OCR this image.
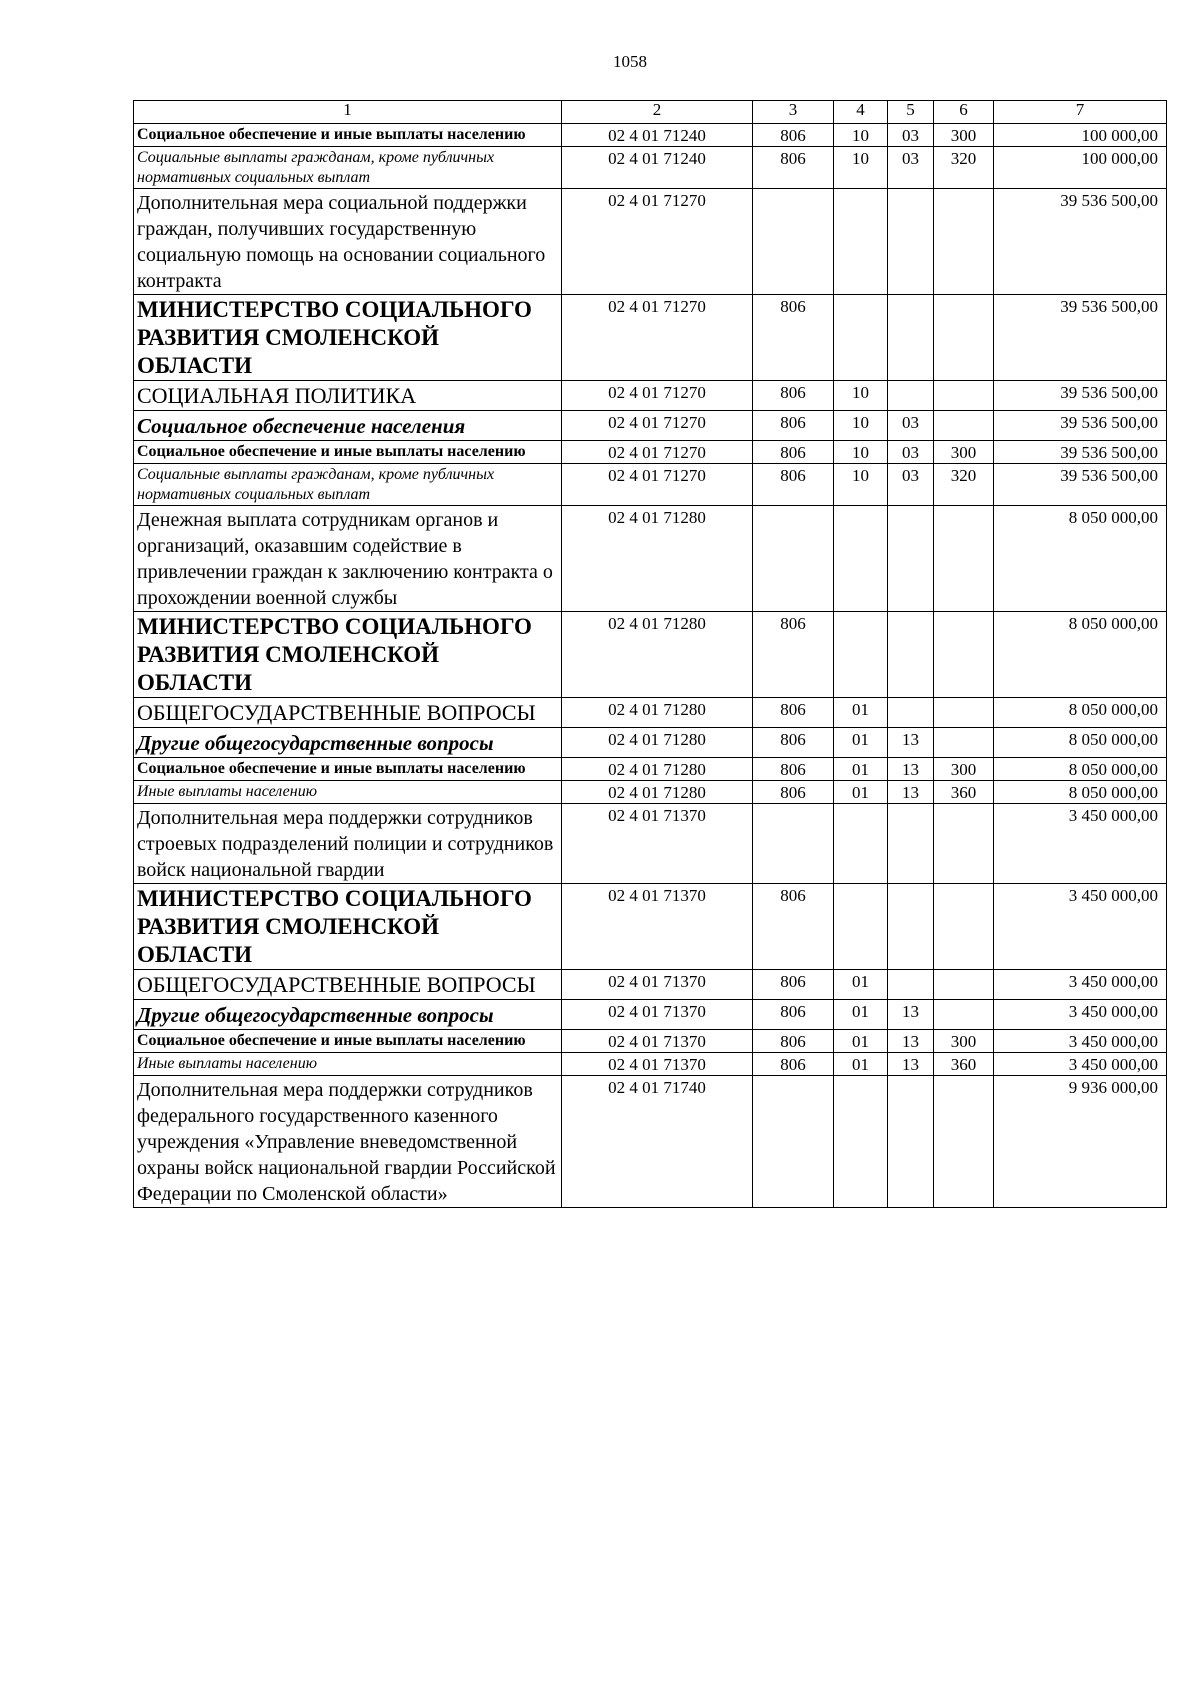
1058
1	2	3	4	5	6	7
Социальное обеспечение и иные выплаты населению	02 4 01 71240	806	10	03	300	100 000,00
Социальные выплаты гражданам, кроме публичных нормативных социальных выплат	02 4 01 71240	806	10	03	320	100 000,00
Дополнительная мера социальной поддержки граждан, получивших государственную социальную помощь на основании социального контракта	02 4 01 71270					39 536 500,00
МИНИСТЕРСТВО СОЦИАЛЬНОГО РАЗВИТИЯ СМОЛЕНСКОЙ ОБЛАСТИ	02 4 01 71270	806				39 536 500,00
СОЦИАЛЬНАЯ ПОЛИТИКА	02 4 01 71270	806	10			39 536 500,00
Социальное обеспечение населения	02 4 01 71270	806	10	03		39 536 500,00
Социальное обеспечение и иные выплаты населению	02 4 01 71270	806	10	03	300	39 536 500,00
Социальные выплаты гражданам, кроме публичных нормативных социальных выплат	02 4 01 71270	806	10	03	320	39 536 500,00
Денежная выплата сотрудникам органов и организаций, оказавшим содействие в привлечении граждан к заключению контракта о прохождении военной службы	02 4 01 71280					8 050 000,00
МИНИСТЕРСТВО СОЦИАЛЬНОГО РАЗВИТИЯ СМОЛЕНСКОЙ ОБЛАСТИ	02 4 01 71280	806				8 050 000,00
ОБЩЕГОСУДАРСТВЕННЫЕ ВОПРОСЫ	02 4 01 71280	806	01			8 050 000,00
Другие общегосударственные вопросы	02 4 01 71280	806	01	13		8 050 000,00
Социальное обеспечение и иные выплаты населению	02 4 01 71280	806	01	13	300	8 050 000,00
Иные выплаты населению	02 4 01 71280	806	01	13	360	8 050 000,00
Дополнительная мера поддержки сотрудников строевых подразделений полиции и сотрудников войск национальной гвардии	02 4 01 71370					3 450 000,00
МИНИСТЕРСТВО СОЦИАЛЬНОГО РАЗВИТИЯ СМОЛЕНСКОЙ ОБЛАСТИ	02 4 01 71370	806				3 450 000,00
ОБЩЕГОСУДАРСТВЕННЫЕ ВОПРОСЫ	02 4 01 71370	806	01			3 450 000,00
Другие общегосударственные вопросы	02 4 01 71370	806	01	13		3 450 000,00
Социальное обеспечение и иные выплаты населению	02 4 01 71370	806	01	13	300	3 450 000,00
Иные выплаты населению	02 4 01 71370	806	01	13	360	3 450 000,00
Дополнительная мера поддержки сотрудников федерального государственного казенного учреждения «Управление вневедомственной охраны войск национальной гвардии Российской Федерации по Смоленской области»	02 4 01 71740					9 936 000,00
